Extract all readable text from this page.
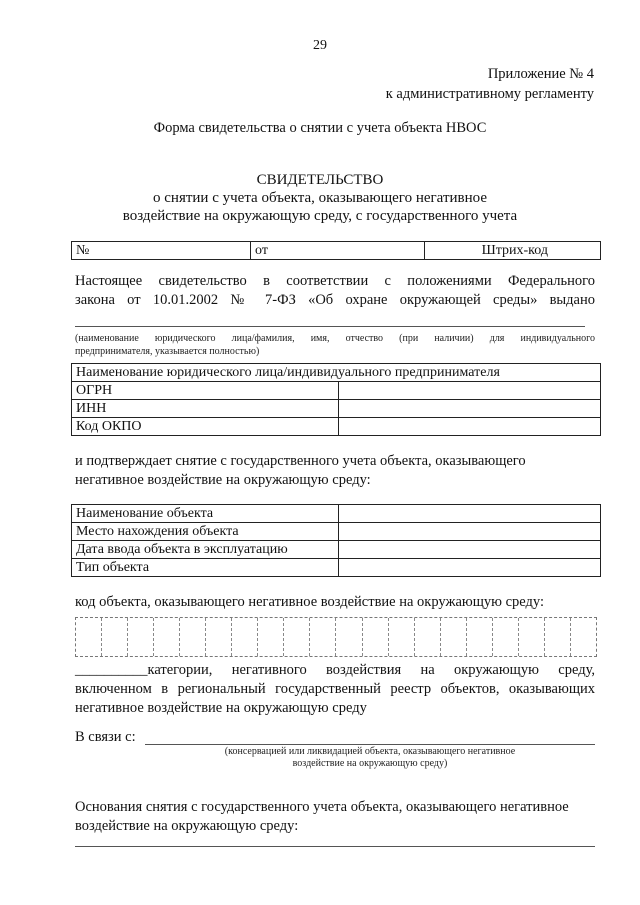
29
Приложение № 4
к административному регламенту
Форма свидетельства о снятии с учета объекта НВОС
СВИДЕТЕЛЬСТВО
о снятии с учета объекта, оказывающего негативное
воздействие на окружающую среду, с государственного учета
№	от	Штрих-код
Настоящее свидетельство в соответствии с положениями Федерального
закона от 10.01.2002 № 7-ФЗ «Об охране окружающей среды» выдано
(наименование юридического лица/фамилия, имя, отчество (при наличии) для индивидуального
предпринимателя, указывается полностью)
Наименование юридического лица/индивидуального предпринимателя	
ОГРН	
ИНН	
Код ОКПО	
и подтверждает снятие с государственного учета объекта, оказывающего
негативное воздействие на окружающую среду:
Наименование объекта	
Место нахождения объекта	
Дата ввода объекта в эксплуатацию	
Тип объекта	
код объекта, оказывающего негативное воздействие на окружающую среду:
__________категории, негативного воздействия на окружающую среду,
включенном в региональный государственный реестр объектов, оказывающих
негативное воздействие на окружающую среду
В связи с:
(консервацией или ликвидацией объекта, оказывающего негативное
воздействие на окружающую среду)
Основания снятия с государственного учета объекта, оказывающего негативное
воздействие на окружающую среду:
